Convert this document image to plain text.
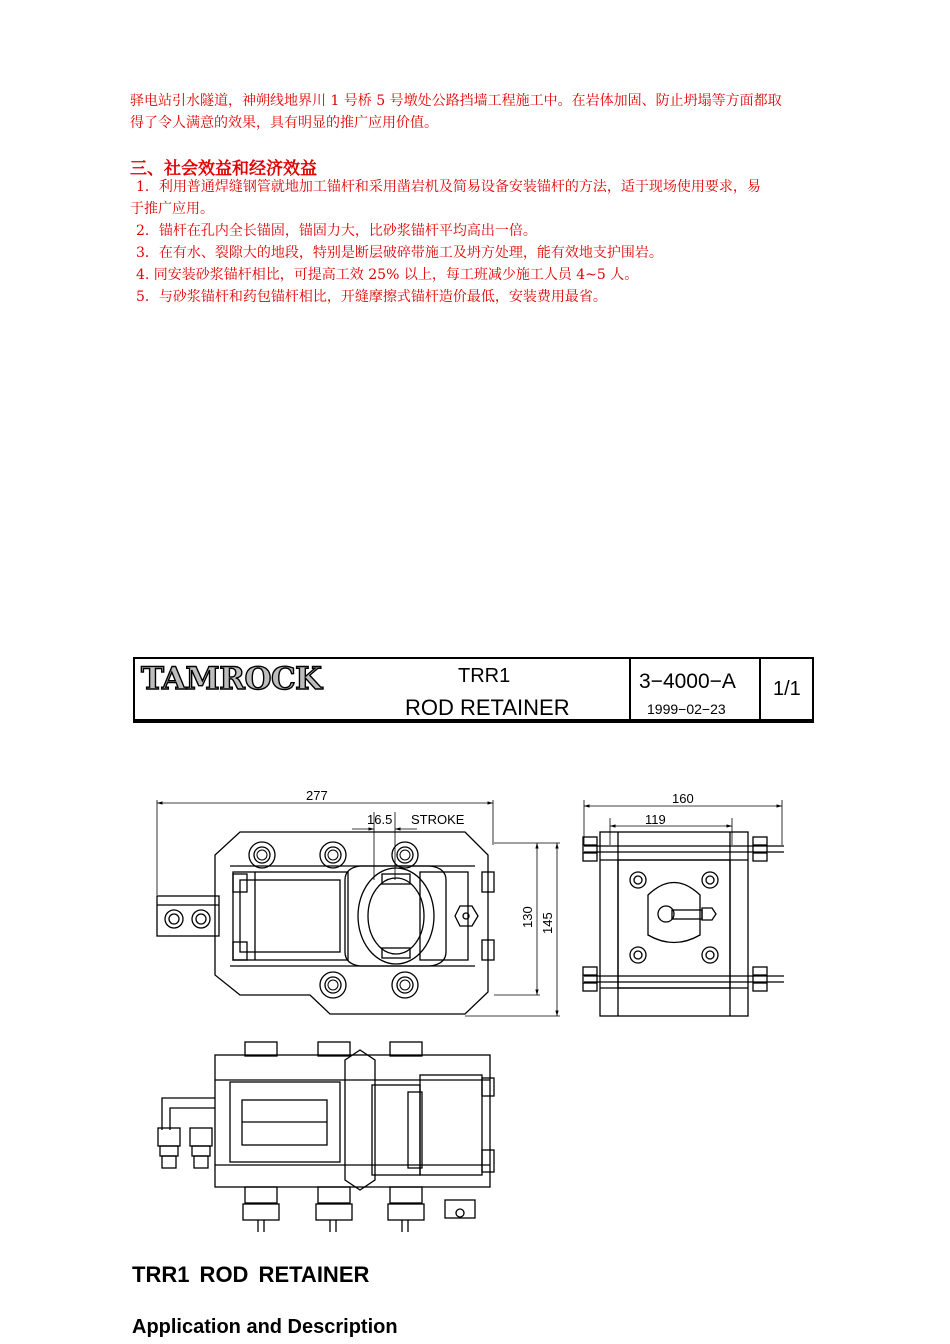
驿电站引水隧道，神朔线地界川 1 号桥 5 号墩处公路挡墙工程施工中。在岩体加固、防止坍塌等方面都取

得了令人满意的效果，具有明显的推广应用价值。

三、社会效益和经济效益

1．利用普通焊缝钢管就地加工锚杆和采用凿岩机及简易设备安装锚杆的方法，适于现场使用要求，易

于推广应用。

2．锚杆在孔内全长锚固，锚固力大，比砂浆锚杆平均高出一倍。

3．在有水、裂隙大的地段，特别是断层破碎带施工及坍方处理，能有效地支护围岩。

4. 同安装砂浆锚杆相比，可提高工效 25% 以上，每工班减少施工人员 4~5 人。

5．与砂浆锚杆和药包锚杆相比，开缝摩擦式锚杆造价最低，安装费用最省。

TAMROCK	TRR1
ROD RETAINER
3−4000−A
1999−02−23
1/1
277
16.5 STROKE
130 145
160
119
TRR1 ROD RETAINER
Application and Description
